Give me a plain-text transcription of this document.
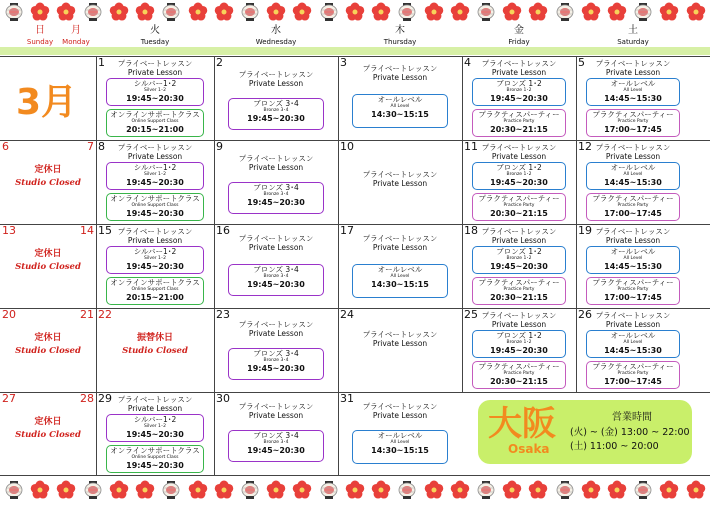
日
Sunday
月
Monday
火
Tuesday
水
Wednesday
木
Thursday
金
Friday
土
Saturday
3月
1	プライベートレッスン
Private Lesson
シルバー1･2
Silver 1･2
19:45~20:30
オンラインサポートクラス
Online Support Class
20:15~21:00
2
プライベートレッスン
Private Lesson
ブロンズ 3･4
Bronze 3･4
19:45~20:30
3	プライベートレッスン
Private Lesson
オールレベル
All Level
14:30~15:15
4	プライベートレッスン
Private Lesson
ブロンズ 1･2
Bronze 1･2
19:45~20:30
プラクティスパーティー
Practice Party
20:30~21:15
5	プライベートレッスン
Private Lesson
オールレベル
All Level
14:45~15:30
プラクティスパーティー
Practice Party
17:00~17:45
6	7
定休日
Studio Closed
8	プライベートレッスン
Private Lesson
シルバー1･2
Silver 1･2
19:45~20:30
オンラインサポートクラス
Online Support Class
19:45~20:30
9
プライベートレッスン
Private Lesson
ブロンズ 3･4
Bronze 3･4
19:45~20:30
10
プライベートレッスン
Private Lesson
11 プライベートレッスン
Private Lesson
ブロンズ 1･2
Bronze 1･2
19:45~20:30
プラクティスパーティー
Practice Party
20:30~21:15
12 プライベートレッスン
Private Lesson
オールレベル
All Level
14:45~15:30
プラクティスパーティー
Practice Party
17:00~17:45
13	14
定休日
Studio Closed
15 プライベートレッスン
Private Lesson
シルバー1･2
Silver 1･2
19:45~20:30
オンラインサポートクラス
Online Support Class
20:15~21:00
16
プライベートレッスン
Private Lesson
ブロンズ 3･4
Bronze 3･4
19:45~20:30
17
プライベートレッスン
Private Lesson
オールレベル
All Level
14:30~15:15
18 プライベートレッスン
Private Lesson
ブロンズ 1･2
Bronze 1･2
19:45~20:30
プラクティスパーティー
Practice Party
20:30~21:15
19 プライベートレッスン
Private Lesson
オールレベル
All Level
14:45~15:30
プラクティスパーティー
Practice Party
17:00~17:45
20	21
定休日
Studio Closed
22
振替休日
Studio Closed
23
プライベートレッスン
Private Lesson
ブロンズ 3･4
Bronze 3･4
19:45~20:30
24
プライベートレッスン
Private Lesson
25 プライベートレッスン
Private Lesson
ブロンズ 1･2
Bronze 1･2
19:45~20:30
プラクティスパーティー
Practice Party
20:30~21:15
26 プライベートレッスン
Private Lesson
オールレベル
All Level
14:45~15:30
プラクティスパーティー
Practice Party
17:00~17:45
27	28
定休日
Studio Closed
29 プライベートレッスン
Private Lesson
シルバー1･2
Silver 1･2
19:45~20:30
オンラインサポートクラス
Online Support Class
19:45~20:30
30
プライベートレッスン
Private Lesson
ブロンズ 3･4
Bronze 3･4
19:45~20:30
31
プライベートレッスン
Private Lesson
オールレベル
All Level
14:30~15:15
大阪
Osaka
営業時間
(火) ~ (金) 13:00 ~ 22:00
(土) 11:00 ~ 20:00
